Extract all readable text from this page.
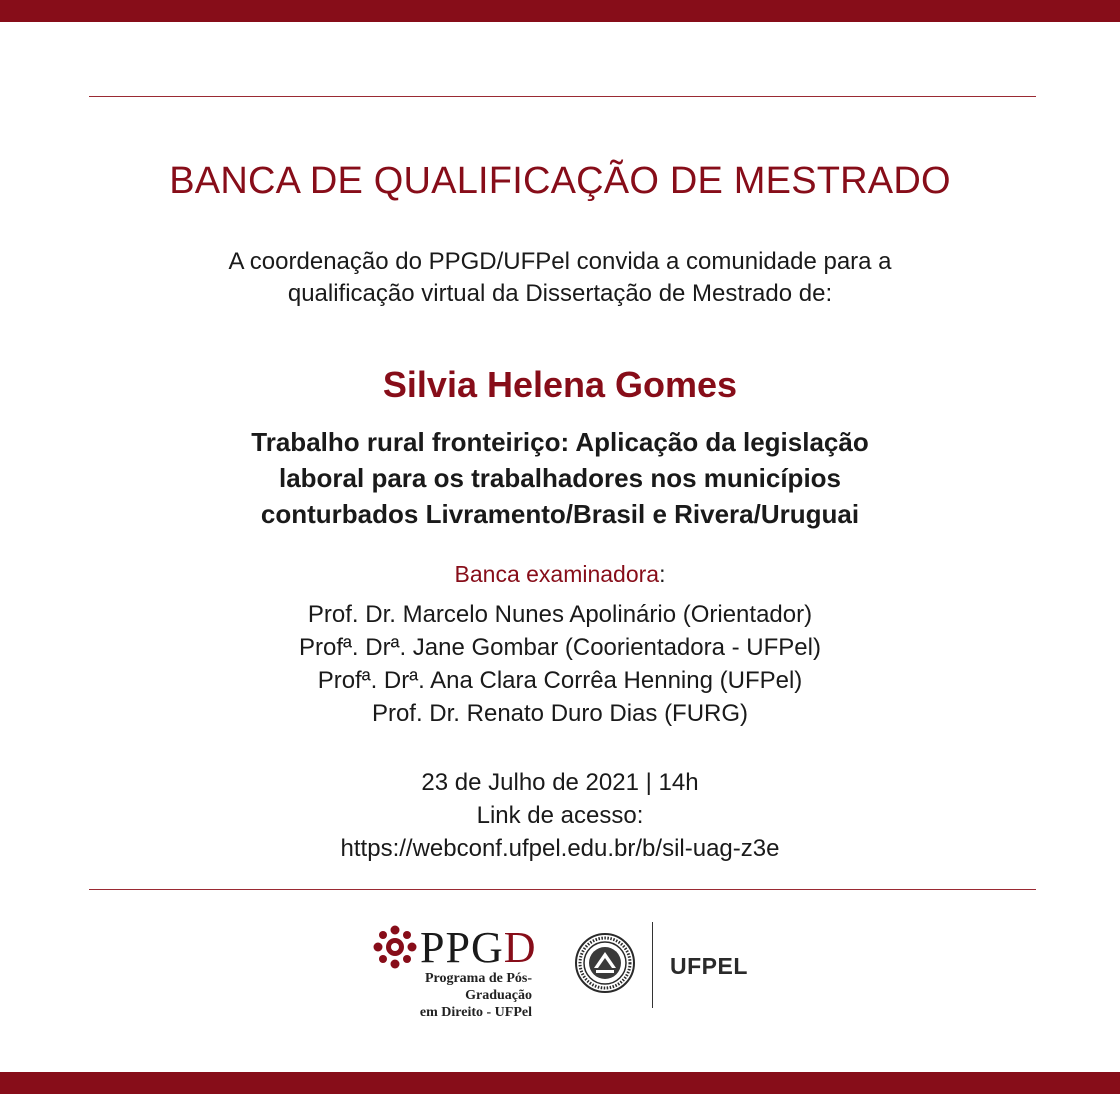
BANCA DE QUALIFICAÇÃO DE MESTRADO
A coordenação do PPGD/UFPel convida a comunidade para a
qualificação virtual da Dissertação de Mestrado de:
Silvia Helena Gomes
Trabalho rural fronteiriço: Aplicação da legislação
laboral para os trabalhadores nos municípios
conturbados Livramento/Brasil e Rivera/Uruguai
Banca examinadora:
Prof. Dr. Marcelo Nunes Apolinário (Orientador)
Profª. Drª. Jane Gombar (Coorientadora - UFPel)
Profª. Drª. Ana Clara Corrêa Henning (UFPel)
Prof. Dr. Renato Duro Dias (FURG)
23 de Julho de 2021 | 14h
Link de acesso:
https://webconf.ufpel.edu.br/b/sil-uag-z3e
PPGD
Programa de Pós-Graduação
em Direito - UFPel
UFPEL
